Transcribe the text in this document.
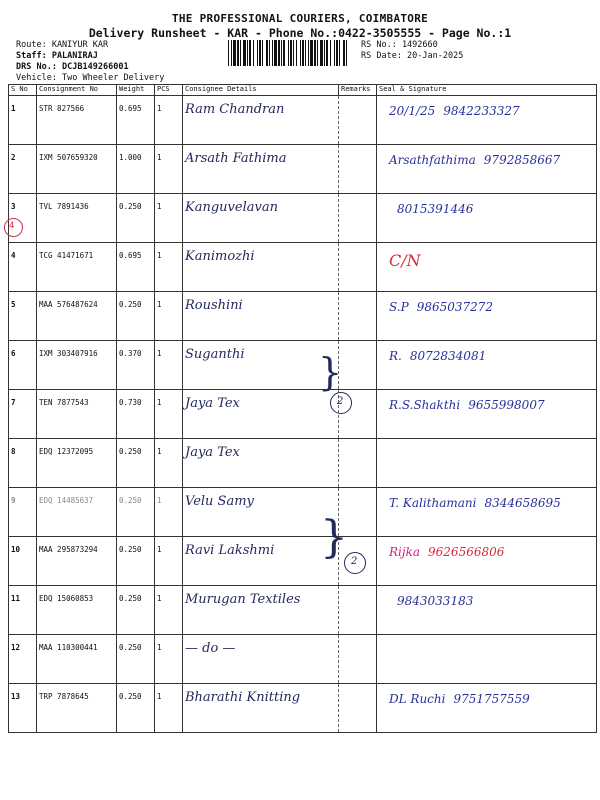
THE PROFESSIONAL COURIERS, COIMBATORE
Delivery Runsheet - KAR - Phone No.:0422-3505555 - Page No.:1
Route: KANIYUR KAR
Staff: PALANIRAJ
DRS No.: DCJB149266001
Vehicle: Two Wheeler Delivery
RS No.: 1492660
RS Date: 20-Jan-2025
S No	Consignment No	Weight	PCS	Consignee Details	Remarks	Seal & Signature
1	STR 827566	0.695	1	Ram Chandran		20/1/25 9842233327
2	IXM 507659320	1.000	1	Arsath Fathima		Arsathfathima 9792858667
3	TVL 7891436	0.250	1	Kanguvelavan		8015391446
4	TCG 41471671	0.695	1	Kanimozhi		C/N
5	MAA 576487624	0.250	1	Roushini		S.P 9865037272
6	IXM 303407916	0.370	1	Suganthi		R. 8072834081
7	TEN 7877543	0.730	1	Jaya Tex		R.S.Shakthi 9655998007
8	EDQ 12372095	0.250	1	Jaya Tex		
9	EDQ 14485637	0.250	1	Velu Samy		T. Kalithamani 8344658695
10	MAA 295873294	0.250	1	Ravi Lakshmi		Rijka 9626566806
11	EDQ 15060853	0.250	1	Murugan Textiles		9843033183
12	MAA 110300441	0.250	1	— do —		
13	TRP 7878645	0.250	1	Bharathi Knitting		DL Ruchi 9751757559
4
}
2
} 2
